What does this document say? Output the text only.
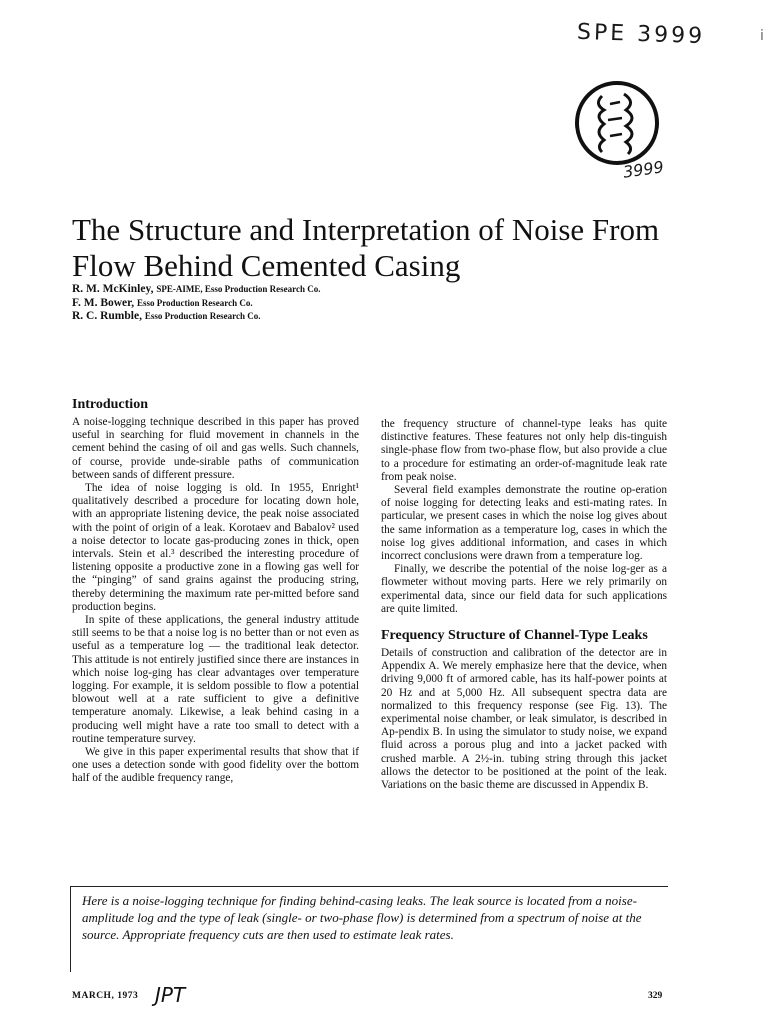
SPE 3999	i
3999
The Structure and Interpretation of Noise From Flow Behind Cemented Casing
R. M. McKinley, SPE-AIME, Esso Production Research Co.
F. M. Bower, Esso Production Research Co.
R. C. Rumble, Esso Production Research Co.
Introduction

A noise-logging technique described in this paper has proved useful in searching for fluid movement in channels in the cement behind the casing of oil and gas wells. Such channels, of course, provide unde-sirable paths of communication between sands of different pressure.

The idea of noise logging is old. In 1955, Enright¹ qualitatively described a procedure for locating down hole, with an appropriate listening device, the peak noise associated with the point of origin of a leak. Korotaev and Babalov² used a noise detector to locate gas-producing zones in thick, open intervals. Stein et al.³ described the interesting procedure of listening opposite a productive zone in a flowing gas well for the “pinging” of sand grains against the producing string, thereby determining the maximum rate per-mitted before sand production begins.

In spite of these applications, the general industry attitude still seems to be that a noise log is no better than or not even as useful as a temperature log — the traditional leak detector. This attitude is not entirely justified since there are instances in which noise log-ging has clear advantages over temperature logging. For example, it is seldom possible to flow a potential blowout well at a rate sufficient to give a definitive temperature anomaly. Likewise, a leak behind casing in a producing well might have a rate too small to detect with a routine temperature survey.

We give in this paper experimental results that show that if one uses a detection sonde with good fidelity over the bottom half of the audible frequency range,

the frequency structure of channel-type leaks has quite distinctive features. These features not only help dis-tinguish single-phase flow from two-phase flow, but also provide a clue to a procedure for estimating an order-of-magnitude leak rate from peak noise.

Several field examples demonstrate the routine op-eration of noise logging for detecting leaks and esti-mating rates. In particular, we present cases in which the noise log gives about the same information as a temperature log, cases in which the noise log gives additional information, and cases in which incorrect conclusions were drawn from a temperature log.

Finally, we describe the potential of the noise log-ger as a flowmeter without moving parts. Here we rely primarily on experimental data, since our field data for such applications are quite limited.

Frequency Structure of Channel-Type Leaks

Details of construction and calibration of the detector are in Appendix A. We merely emphasize here that the device, when driving 9,000 ft of armored cable, has its half-power points at 20 Hz and at 5,000 Hz. All subsequent spectra data are normalized to this frequency response (see Fig. 13). The experimental noise chamber, or leak simulator, is described in Ap-pendix B. In using the simulator to study noise, we expand fluid across a porous plug and into a jacket packed with crushed marble. A 2½-in. tubing string through this jacket allows the detector to be positioned at the point of the leak. Variations on the basic theme are discussed in Appendix B.

Here is a noise-logging technique for finding behind-casing leaks. The leak source is located from a noise-amplitude log and the type of leak (single- or two-phase flow) is determined from a spectrum of noise at the source. Appropriate frequency cuts are then used to estimate leak rates.
MARCH, 1973 JPT	329
